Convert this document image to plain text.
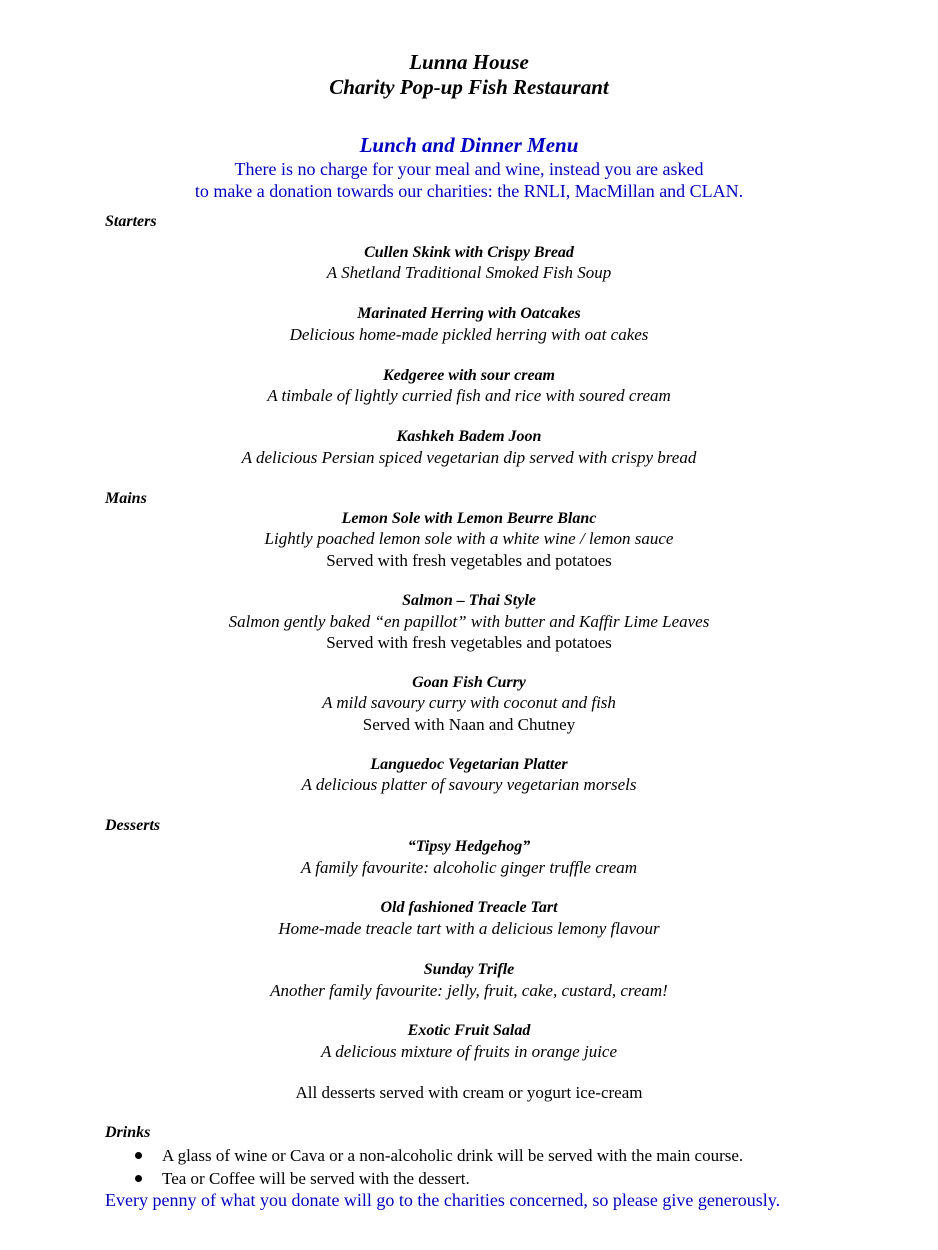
Lunna House
Charity Pop-up Fish Restaurant
Lunch and Dinner Menu
There is no charge for your meal and wine, instead you are asked
to make a donation towards our charities: the RNLI, MacMillan and CLAN.
Starters
Cullen Skink with Crispy Bread
A Shetland Traditional Smoked Fish Soup
Marinated Herring with Oatcakes
Delicious home-made pickled herring with oat cakes
Kedgeree with sour cream
A timbale of lightly curried fish and rice with soured cream
Kashkeh Badem Joon
A delicious Persian spiced vegetarian dip served with crispy bread
Mains
Lemon Sole with Lemon Beurre Blanc
Lightly poached lemon sole with a white wine / lemon sauce
Served with fresh vegetables and potatoes
Salmon – Thai Style
Salmon gently baked “en papillot” with butter and Kaffir Lime Leaves
Served with fresh vegetables and potatoes
Goan Fish Curry
A mild savoury curry with coconut and fish
Served with Naan and Chutney
Languedoc Vegetarian Platter
A delicious platter of savoury vegetarian morsels
Desserts
“Tipsy Hedgehog”
A family favourite: alcoholic ginger truffle cream
Old fashioned Treacle Tart
Home-made treacle tart with a delicious lemony flavour
Sunday Trifle
Another family favourite: jelly, fruit, cake, custard, cream!
Exotic Fruit Salad
A delicious mixture of fruits in orange juice
All desserts served with cream or yogurt ice-cream
Drinks
A glass of wine or Cava or a non-alcoholic drink will be served with the main course.
Tea or Coffee will be served with the dessert.
Every penny of what you donate will go to the charities concerned, so please give generously.
